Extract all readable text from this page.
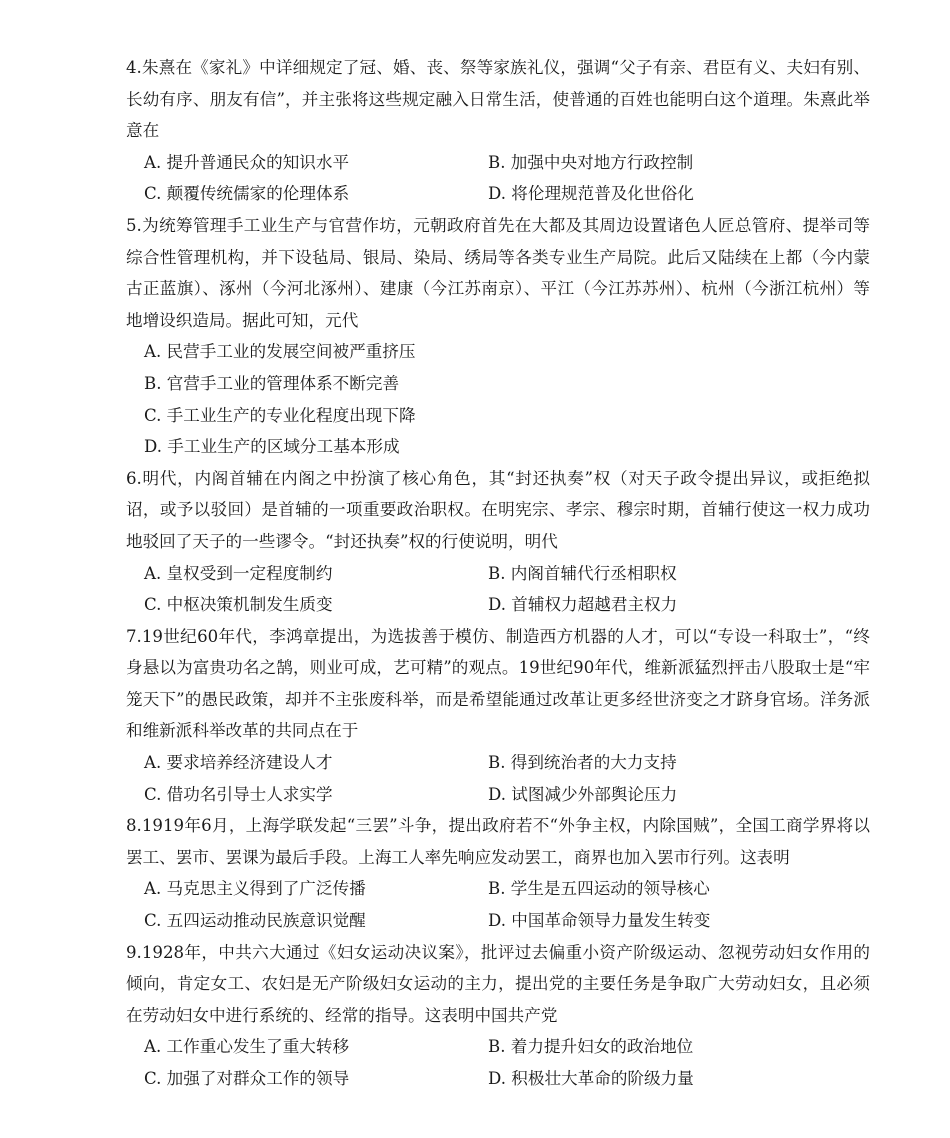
4.朱熹在《家礼》中详细规定了冠、婚、丧、祭等家族礼仪，强调“父子有亲、君臣有义、夫妇有别、长幼有序、朋友有信”，并主张将这些规定融入日常生活，使普通的百姓也能明白这个道理。朱熹此举意在
A. 提升普通民众的知识水平	B. 加强中央对地方行政控制
C. 颠覆传统儒家的伦理体系	D. 将伦理规范普及化世俗化
5.为统筹管理手工业生产与官营作坊，元朝政府首先在大都及其周边设置诸色人匠总管府、提举司等综合性管理机构，并下设毡局、银局、染局、绣局等各类专业生产局院。此后又陆续在上都（今内蒙古正蓝旗）、涿州（今河北涿州）、建康（今江苏南京）、平江（今江苏苏州）、杭州（今浙江杭州）等地增设织造局。据此可知，元代
A. 民营手工业的发展空间被严重挤压
B. 官营手工业的管理体系不断完善
C. 手工业生产的专业化程度出现下降
D. 手工业生产的区域分工基本形成
6.明代，内阁首辅在内阁之中扮演了核心角色，其“封还执奏”权（对天子政令提出异议，或拒绝拟诏，或予以驳回）是首辅的一项重要政治职权。在明宪宗、孝宗、穆宗时期，首辅行使这一权力成功地驳回了天子的一些谬令。“封还执奏”权的行使说明，明代
A. 皇权受到一定程度制约	B. 内阁首辅代行丞相职权
C. 中枢决策机制发生质变	D. 首辅权力超越君主权力
7.19世纪60年代，李鸿章提出，为选拔善于模仿、制造西方机器的人才，可以“专设一科取士”，“终身悬以为富贵功名之鹄，则业可成，艺可精”的观点。19世纪90年代，维新派猛烈抨击八股取士是“牢笼天下”的愚民政策，却并不主张废科举，而是希望能通过改革让更多经世济变之才跻身官场。洋务派和维新派科举改革的共同点在于
A. 要求培养经济建设人才	B. 得到统治者的大力支持
C. 借功名引导士人求实学	D. 试图减少外部舆论压力
8.1919年6月，上海学联发起“三罢”斗争，提出政府若不“外争主权，内除国贼”，全国工商学界将以罢工、罢市、罢课为最后手段。上海工人率先响应发动罢工，商界也加入罢市行列。这表明
A. 马克思主义得到了广泛传播	B. 学生是五四运动的领导核心
C. 五四运动推动民族意识觉醒	D. 中国革命领导力量发生转变
9.1928年，中共六大通过《妇女运动决议案》，批评过去偏重小资产阶级运动、忽视劳动妇女作用的倾向，肯定女工、农妇是无产阶级妇女运动的主力，提出党的主要任务是争取广大劳动妇女，且必须在劳动妇女中进行系统的、经常的指导。这表明中国共产党
A. 工作重心发生了重大转移	B. 着力提升妇女的政治地位
C. 加强了对群众工作的领导	D. 积极壮大革命的阶级力量
